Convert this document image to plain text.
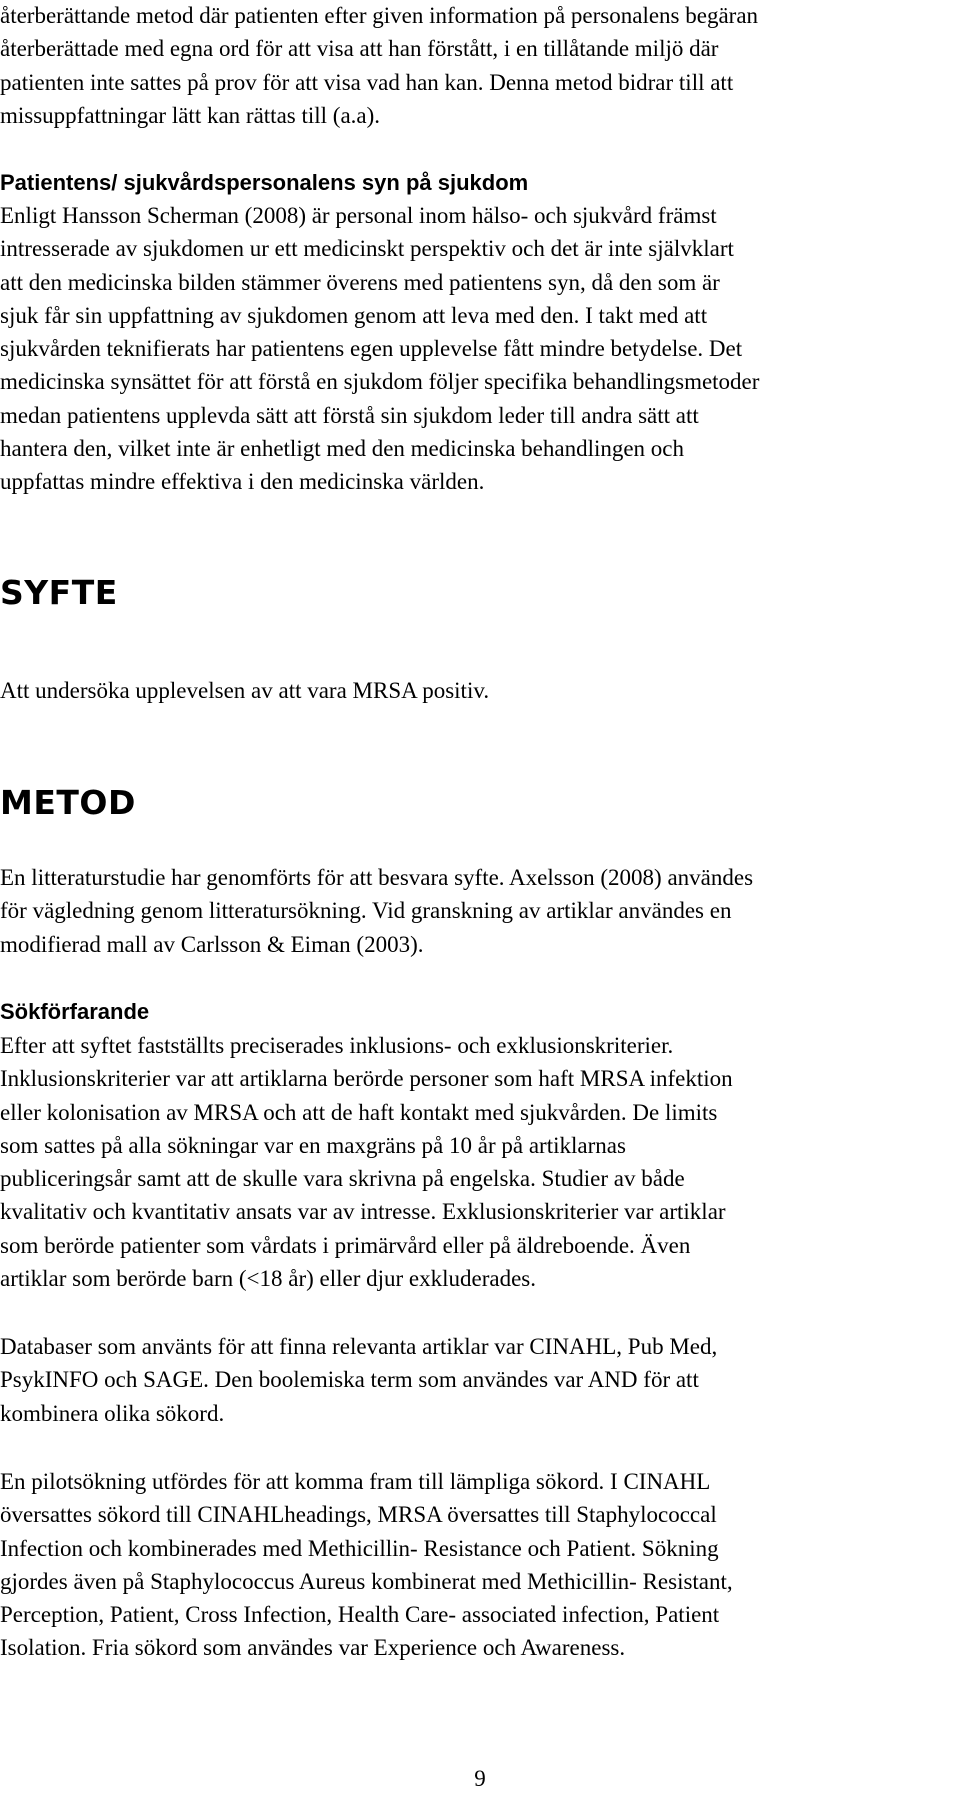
återberättande metod där patienten efter given information på personalens begäran
återberättade med egna ord för att visa att han förstått, i en tillåtande miljö där
patienten inte sattes på prov för att visa vad han kan. Denna metod bidrar till att
missuppfattningar lätt kan rättas till (a.a).
Patientens/ sjukvårdspersonalens syn på sjukdom
Enligt Hansson Scherman (2008) är personal inom hälso- och sjukvård främst
intresserade av sjukdomen ur ett medicinskt perspektiv och det är inte självklart
att den medicinska bilden stämmer överens med patientens syn, då den som är
sjuk får sin uppfattning av sjukdomen genom att leva med den. I takt med att
sjukvården teknifierats har patientens egen upplevelse fått mindre betydelse. Det
medicinska synsättet för att förstå en sjukdom följer specifika behandlingsmetoder
medan patientens upplevda sätt att förstå sin sjukdom leder till andra sätt att
hantera den, vilket inte är enhetligt med den medicinska behandlingen och
uppfattas mindre effektiva i den medicinska världen.
SYFTE
Att undersöka upplevelsen av att vara MRSA positiv.
METOD
En litteraturstudie har genomförts för att besvara syfte. Axelsson (2008) användes
för vägledning genom litteratursökning. Vid granskning av artiklar användes en
modifierad mall av Carlsson & Eiman (2003).
Sökförfarande
Efter att syftet fastställts preciserades inklusions- och exklusionskriterier.
Inklusionskriterier var att artiklarna berörde personer som haft MRSA infektion
eller kolonisation av MRSA och att de haft kontakt med sjukvården. De limits
som sattes på alla sökningar var en maxgräns på 10 år på artiklarnas
publiceringsår samt att de skulle vara skrivna på engelska. Studier av både
kvalitativ och kvantitativ ansats var av intresse. Exklusionskriterier var artiklar
som berörde patienter som vårdats i primärvård eller på äldreboende. Även
artiklar som berörde barn (<18 år) eller djur exkluderades.
Databaser som använts för att finna relevanta artiklar var CINAHL, Pub Med,
PsykINFO och SAGE. Den boolemiska term som användes var AND för att
kombinera olika sökord.
En pilotsökning utfördes för att komma fram till lämpliga sökord. I CINAHL
översattes sökord till CINAHLheadings, MRSA översattes till Staphylococcal
Infection och kombinerades med Methicillin- Resistance och Patient. Sökning
gjordes även på Staphylococcus Aureus kombinerat med Methicillin- Resistant,
Perception, Patient, Cross Infection, Health Care- associated infection, Patient
Isolation. Fria sökord som användes var Experience och Awareness.
9
